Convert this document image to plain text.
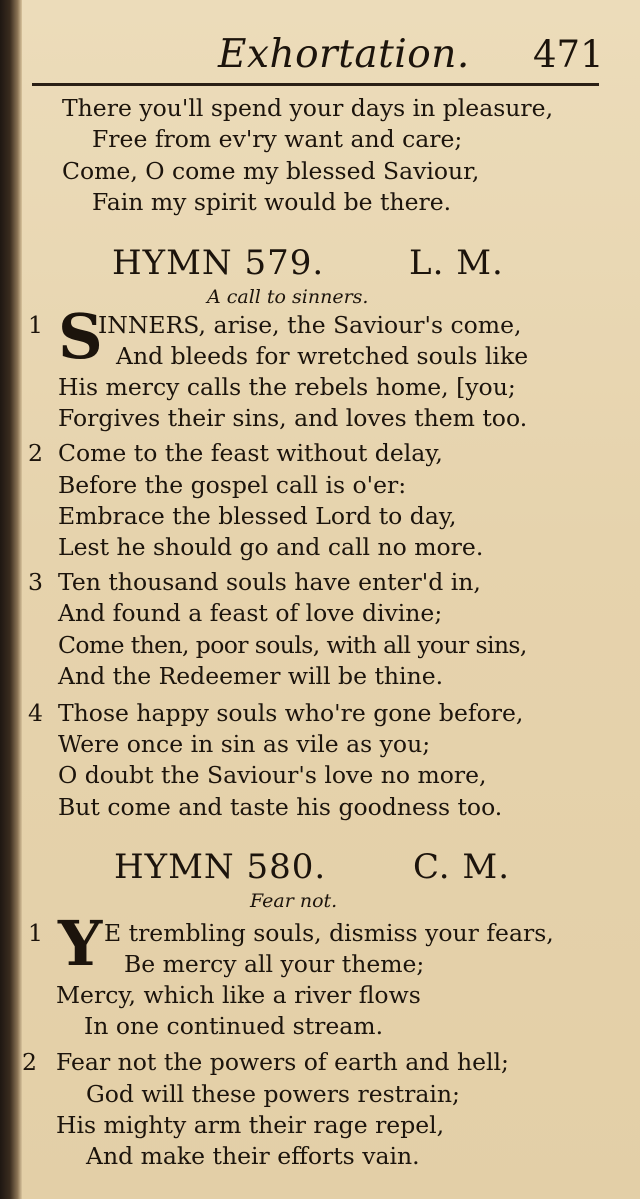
Exhortation. 471
There you'll spend your days in pleasure,
Free from ev'ry want and care;
Come, O come my blessed Saviour,
Fain my spirit would be there.
HYMN 579. L. M.
A call to sinners.
1 S
INNERS, arise, the Saviour's come,
And bleeds for wretched souls like
His mercy calls the rebels home, [you;
Forgives their sins, and loves them too.
2 Come to the feast without delay,
Before the gospel call is o'er:
Embrace the blessed Lord to day,
Lest he should go and call no more.
3 Ten thousand souls have enter'd in,
And found a feast of love divine;
Come then, poor souls, with all your sins,
And the Redeemer will be thine.
4 Those happy souls who're gone before,
Were once in sin as vile as you;
O doubt the Saviour's love no more,
But come and taste his goodness too.
HYMN 580.	C. M.
Fear not.
1 Y E trembling souls, dismiss your fears,
Be mercy all your theme;
Mercy, which like a river flows
In one continued stream.
2 Fear not the powers of earth and hell;
God will these powers restrain;
His mighty arm their rage repel,
And make their efforts vain.
